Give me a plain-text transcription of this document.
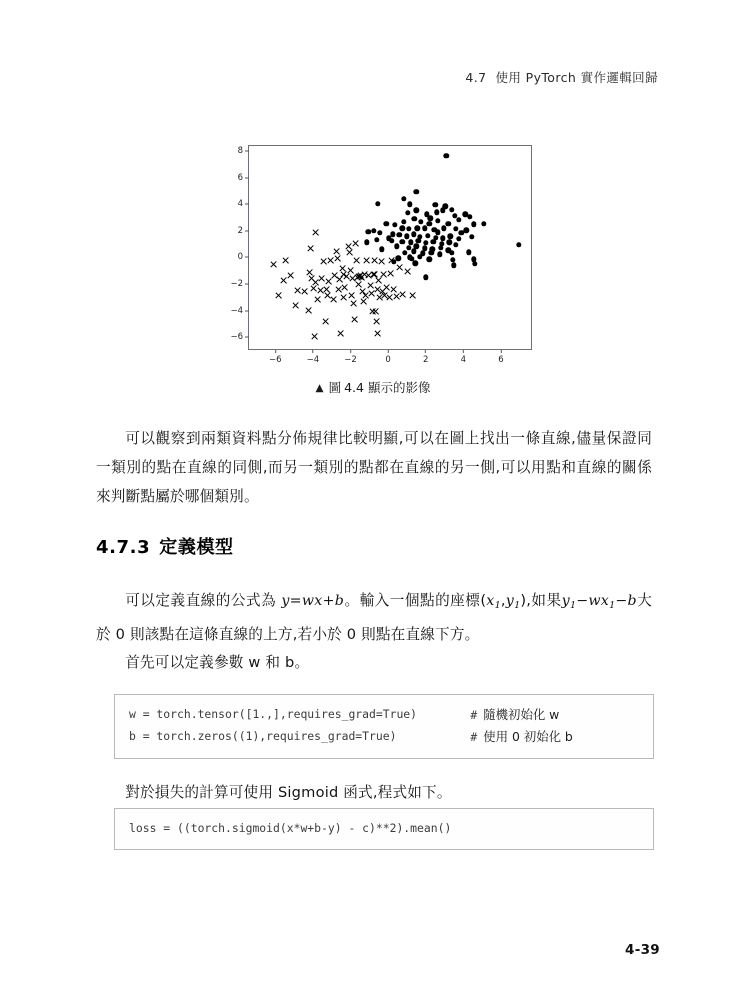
4.7 使用 PyTorch 實作邏輯回歸
−6
−4
−2
0
2
4
6
8
−6	−4	−2	0	2	4	6
▲ 圖 4.4 顯示的影像

可以觀察到兩類資料點分佈規律比較明顯,可以在圖上找出一條直線,儘量保證同一類別的點在直線的同側,而另一類別的點都在直線的另一側,可以用點和直線的關係來判斷點屬於哪個類別。

4.7.3 定義模型

可以定義直線的公式為 y=wx+b。輸入一個點的座標$(x_1,y_1)$,如果$y_1-wx_1-b$大於 0 則該點在這條直線的上方,若小於 0 則點在直線下方。

首先可以定義參數 w 和 b。

w = torch.tensor([1.,],requires_grad=True)	# 隨機初始化 w
b = torch.zeros((1),requires_grad=True)	# 使用 0 初始化 b

對於損失的計算可使用 Sigmoid 函式,程式如下。

loss = ((torch.sigmoid(x*w+b-y) - c)**2).mean()
4-39
